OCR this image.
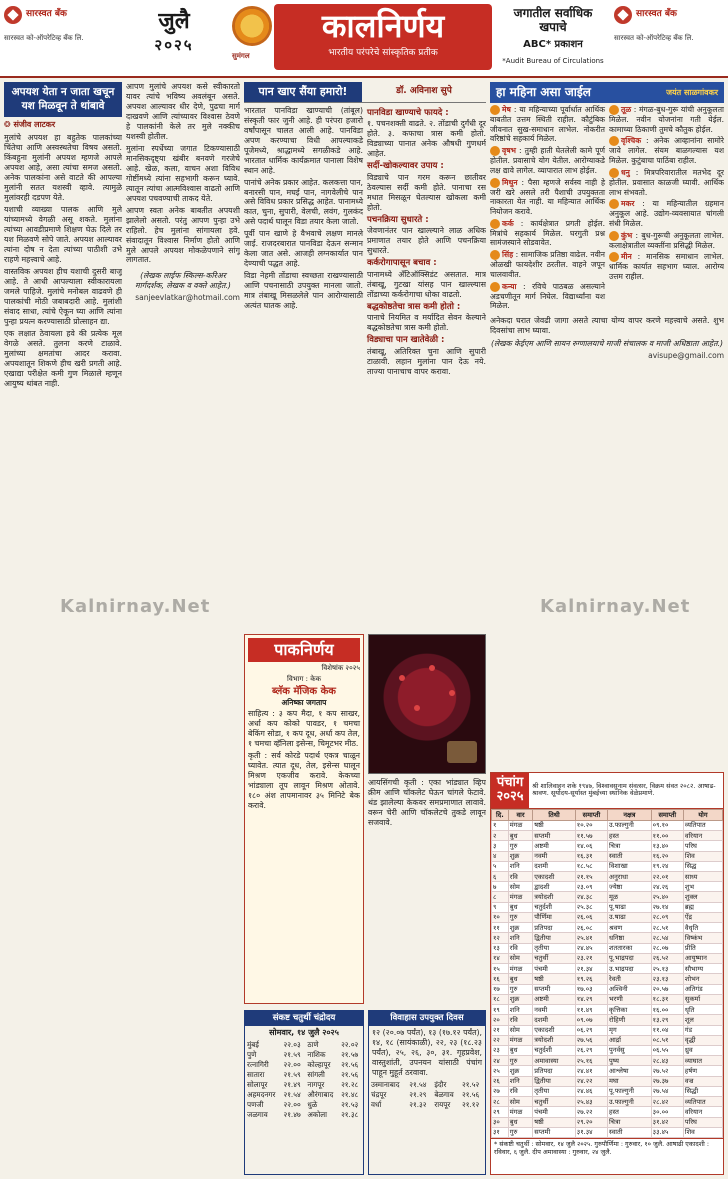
सारस्वत बँक
सारस्वत को-ऑपरेटिव्ह बँक लि.
जुलै
२०२५
सुमंगल
कालनिर्णय
भारतीय परंपरेचे सांस्कृतिक प्रतीक
जगातील सर्वाधिक खपाचे
ABC* प्रकाशन
*Audit Bureau of Circulations
सारस्वत बँक
सारस्वत को-ऑपरेटिव्ह बँक लि.
अपयश येता न जाता खचून यश मिळवून ते थांबावे
❂ संजीव लाटकर

मुलांचे अपयश हा बहुतेक पालकांच्या चिंतेचा आणि अस्वस्थतेचा विषय असतो. किंबहुना मुलांनी अपयश म्हणजे आपले अपयश आहे, असा त्यांचा समज असतो. अनेक पालकांना असे वाटते की आपल्या मुलांनी सतत यशस्वी व्हावे. त्यामुळे मुलांवरही दडपण येते.

यशाची व्याख्या पालक आणि मुले यांच्यामध्ये वेगळी असू शकते. मुलांना त्यांच्या आवडीप्रमाणे शिक्षण घेऊ दिले तर यश मिळवणे सोपे जाते. अपयश आल्यावर त्यांना दोष न देता त्यांच्या पाठीशी उभे राहणे महत्त्वाचे आहे.

वास्तविक अपयश हीच यशाची दुसरी बाजू आहे. ते आधी आपल्याला स्वीकारायला जमले पाहिजे. मुलांचे मनोबल वाढवणे ही पालकांची मोठी जबाबदारी आहे. मुलांशी संवाद साधा, त्यांचे ऐकून घ्या आणि त्यांना पुन्हा प्रयत्न करण्यासाठी प्रोत्साहन द्या.

एक लक्षात ठेवायला हवे की प्रत्येक मूल वेगळे असते. तुलना करणे टाळावे. मुलांच्या क्षमतांचा आदर करावा. अपयशातून शिकणे हीच खरी प्रगती आहे. एखाद्या परीक्षेत कमी गुण मिळाले म्हणून आयुष्य थांबत नाही.

आपण मुलांचे अपयश कसे स्वीकारतो यावर त्यांचे भविष्य अवलंबून असते. अपयश आल्यावर धीर देणे, पुढचा मार्ग दाखवणे आणि त्यांच्यावर विश्वास ठेवणे हे पालकांनी केले तर मुले नक्कीच यशस्वी होतील.

मुलांना स्पर्धेच्या जगात टिकण्यासाठी मानसिकदृष्ट्या खंबीर बनवणे गरजेचे आहे. खेळ, कला, वाचन अशा विविध गोष्टींमध्ये त्यांना सहभागी करून घ्यावे. त्यातून त्यांचा आत्मविश्वास वाढतो आणि अपयश पचवण्याची ताकद येते.

आपण स्वतः अनेक बाबतीत अपयशी झालेलो असतो. परंतु आपण पुन्हा उभे राहिलो. हेच मुलांना सांगायला हवे. संवादातून विश्वास निर्माण होतो आणि मुले आपले अपयश मोकळेपणाने सांगू लागतात.

(लेखक लाईफ स्किल्स-करिअर मार्गदर्शक, लेखक व वक्ते आहेत.)

sanjeevlatkar@hotmail.com

पान खाए सैंया हमारो!	डॉ. अविनाश सुपे

भारतात पानविडा खाण्याची (तांबूल) संस्कृती फार जुनी आहे. ही परंपरा हजारो वर्षांपासून चालत आली आहे. पानविडा अपण करण्याचा विधी आपल्याकडे पूजेमध्ये, श्राद्धामध्ये सगळीकडे आहे. भारतात धार्मिक कार्यक्रमात पानाला विशेष स्थान आहे.

पानांचे अनेक प्रकार आहेत. कलकत्ता पान, बनारसी पान, मघई पान, नागवेलीचे पान असे विविध प्रकार प्रसिद्ध आहेत. पानामध्ये कात, चुना, सुपारी, वेलची, लवंग, गुलकंद असे पदार्थ घालून विडा तयार केला जातो.

पूर्वी पान खाणे हे वैभवाचे लक्षण मानले जाई. राजदरबारात पानविडा देऊन सन्मान केला जात असे. आजही लग्नकार्यात पान देण्याची पद्धत आहे.

विडा नेहमी तोंडाचा स्वच्छता राखण्यासाठी आणि पचनासाठी उपयुक्त मानला जातो. मात्र तंबाखू मिसळलेले पान आरोग्यासाठी अत्यंत घातक आहे.

पानविडा खाण्याचे फायदे :

१. पचनशक्ती वाढते. २. तोंडाची दुर्गंधी दूर होते. ३. कफाचा त्रास कमी होतो. विड्याच्या पानात अनेक औषधी गुणधर्म आहेत.

सर्दी-खोकल्यावर उपाय :

विड्याचे पान गरम करून छातीवर ठेवल्यास सर्दी कमी होते. पानाचा रस मधात मिसळून घेतल्यास खोकला कमी होतो.

पचनक्रिया सुधारते :

जेवणानंतर पान खाल्ल्याने लाळ अधिक प्रमाणात तयार होते आणि पचनक्रिया सुधारते.

कर्करोगापासून बचाव :

पानामध्ये अँटिऑक्सिडंट असतात. मात्र तंबाखू, गुटखा यांसह पान खाल्ल्यास तोंडाच्या कर्करोगाचा धोका वाढतो.

बद्धकोष्ठतेचा त्रास कमी होतो :

पानाचे नियमित व मर्यादित सेवन केल्याने बद्धकोष्ठतेचा त्रास कमी होतो.

विड्याचा पान खातेवेळी :

तंबाखू, अतिरिक्त चुना आणि सुपारी टाळावी. लहान मुलांना पान देऊ नये. ताज्या पानाचाच वापर करावा.

पाकनिर्णय
विशेषांक २०२५
विभाग : केक
ब्लॅक मॅजिक केक
अनिष्का जगताप

साहित्य : ३ कप मैदा, १ कप साखर, अर्धा कप कोको पावडर, १ चमचा बेकिंग सोडा, १ कप दूध, अर्धा कप तेल, १ चमचा व्हॅनिला इसेन्स, चिमूटभर मीठ.

कृती : सर्व कोरडे पदार्थ एकत्र चाळून घ्यावेत. त्यात दूध, तेल, इसेन्स घालून मिश्रण एकजीव करावे. केकच्या भांड्याला तूप लावून मिश्रण ओतावे. १८० अंश तापमानावर ३५ मिनिटे बेक करावे.

आयसिंगची कृती : एका भांड्यात व्हिप क्रीम आणि चॉकलेट घेऊन चांगले फेटावे. थंड झालेल्या केकवर समप्रमाणात लावावे. वरून चेरी आणि चॉकलेटचे तुकडे लावून सजवावे.

संकष्ट चतुर्थी चंद्रोदय
सोमवार, १४ जुलै २०२५
मुंबई	२२.०३	ठाणे	२२.०२
पुणे	२१.५९	नाशिक	२१.५७
रत्नागिरी	२२.००	कोल्हापूर	२१.५६
सातारा	२१.५९	सांगली	२१.५६
सोलापूर	२१.४९	नागपूर	२१.२८
अहमदनगर	२१.५४	औरंगाबाद	२१.४८
पणजी	२२.००	धुळे	२१.५३
जळगाव	२१.४७	अकोला	२१.३८
विवाहास उपयुक्त दिवस

१२ (२०.०७ पर्यंत), १३ (१७.१२ पर्यंत), १४, १८ (सायंकाळी), २२, २३ (१८.२३ पर्यंत), २५, २६, ३०, ३१. गृहप्रवेश, वास्तुशांती, उपनयन यांसाठी पंचांग पाहून मुहूर्त ठरवावा.

उस्मानाबाद	२१.५४	इंदौर	२१.५२
चंद्रपूर	२१.२९	बेळगाव	२१.५६
वर्धा	२१.३२	रायपूर	२१.१२
हा महिना असा जाईल	जयंत साळगांवकर

मेष : या महिन्याच्या पूर्वार्धात आर्थिक बाबतीत उत्तम स्थिती राहील. कौटुंबिक जीवनात सुख-समाधान लाभेल. नोकरीत वरिष्ठांचे सहकार्य मिळेल.

वृषभ : तुम्ही हाती घेतलेली कामे पूर्ण होतील. प्रवासाचे योग येतील. आरोग्याकडे लक्ष द्यावे लागेल. व्यापारात लाभ होईल.

मिथुन : पैसा म्हणजे सर्वस्व नाही हे जरी खरे असले तरी पैशाची उपयुक्तता नाकारता येत नाही. या महिन्यात आर्थिक नियोजन करावे.

कर्क : कार्यक्षेत्रात प्रगती होईल. मित्रांचे सहकार्य मिळेल. घरगुती प्रश्न सामंजस्याने सोडवावेत.

सिंह : सामाजिक प्रतिष्ठा वाढेल. नवीन ओळखी फायदेशीर ठरतील. वाहने जपून चालवावीत.

कन्या : रविचे पाठबळ असल्याने अडचणीतून मार्ग निघेल. विद्यार्थ्यांना यश मिळेल.

तूळ : मंगळ-बुध-गुरू यांची अनुकूलता मिळेल. नवीन योजनांना गती येईल. कामाच्या ठिकाणी तुमचे कौतुक होईल.

वृश्चिक : अनेक आव्हानांना सामोरे जावे लागेल. संयम बाळगल्यास यश मिळेल. कुटुंबाचा पाठिंबा राहील.

धनु : मित्रपरिवारातील मतभेद दूर होतील. प्रवासात काळजी घ्यावी. आर्थिक लाभ संभवतो.

मकर : या महिन्यातील ग्रहमान अनुकूल आहे. उद्योग-व्यवसायात चांगली संधी मिळेल.

कुंभ : बुध-गुरूची अनुकूलता लाभेल. कलाक्षेत्रातील व्यक्तींना प्रसिद्धी मिळेल.

मीन : मानसिक समाधान लाभेल. धार्मिक कार्यात सहभाग घ्याल. आरोग्य उत्तम राहील.

अनेकदा घरात जेवढी जागा असते त्याचा योग्य वापर करणे महत्त्वाचे असते. शुभ दिवसांचा लाभ घ्यावा.

(लेखक केईएम आणि सायन रुग्णालयाचे माजी संचालक व माजी अधिष्ठाता आहेत.)

avisupe@gmail.com

पंचांग
२०२५
श्री शालिवाहन शके १९४७, विश्वावसुनाम संवत्सर, विक्रम संवत २०८२. आषाढ-श्रावण. सूर्योदय-सूर्यास्त मुंबईच्या स्थानिक वेळेप्रमाणे.
दि.	वार	तिथी	समाप्ती	नक्षत्र	समाप्ती	योग
१	मंगळ	षष्ठी	१०.२०	उ.फाल्गुनी	०९.१०	व्यतिपात
२	बुध	सप्तमी	११.५७	हस्त	११.००	वरियान
३	गुरु	अष्टमी	१४.०६	चित्रा	१३.४०	परिघ
४	शुक्र	नवमी	१६.३१	स्वाती	१६.२०	शिव
५	शनि	दशमी	१८.५८	विशाखा	१९.२४	सिद्ध
६	रवि	एकादशी	२१.१५	अनुराधा	२२.०१	साध्य
७	सोम	द्वादशी	२३.०९	ज्येष्ठा	२४.२६	शुभ
८	मंगळ	त्रयोदशी	२४.३८	मूळ	२५.४०	शुक्ल
९	बुध	चतुर्दशी	२५.३८	पू.षाढा	२७.१४	ब्रह्म
१०	गुरु	पौर्णिमा	२६.०६	उ.षाढा	२८.०९	ऐंद्र
११	शुक्र	प्रतिपदा	२६.०८	श्रवण	२८.५१	वैधृति
१२	शनि	द्वितीया	२५.४१	धनिष्ठा	२८.५४	विष्कंभ
१३	रवि	तृतीया	२४.४५	शततारका	२८.०७	प्रीति
१४	सोम	चतुर्थी	२३.२१	पू.भाद्रपदा	२६.५२	आयुष्मान
१५	मंगळ	पंचमी	२१.३४	उ.भाद्रपदा	२५.१३	सौभाग्य
१६	बुध	षष्ठी	१९.२६	रेवती	२३.१३	शोभन
१७	गुरु	सप्तमी	१७.०३	अश्विनी	२०.५७	अतिगंड
१८	शुक्र	अष्टमी	१४.२९	भरणी	१८.३१	सुकर्मा
१९	शनि	नवमी	११.४९	कृत्तिका	१६.००	धृति
२०	रवि	दशमी	०९.०७	रोहिणी	१३.२९	शूल
२१	सोम	एकादशी	०६.२९	मृग	११.०४	गंड
२२	मंगळ	त्रयोदशी	२७.५६	आर्द्रा	०८.५१	वृद्धी
२३	बुध	चतुर्दशी	२६.२९	पुनर्वसु	०६.५५	ध्रुव
२४	गुरु	अमावास्या	२५.१६	पुष्य	२८.४३	व्याघात
२५	शुक्र	प्रतिपदा	२४.४१	आश्लेषा	२७.५२	हर्षण
२६	शनि	द्वितीया	२४.२२	मघा	२७.३७	वज्र
२७	रवि	तृतीया	२४.४६	पू.फाल्गुनी	२७.५४	सिद्धी
२८	सोम	चतुर्थी	२५.४३	उ.फाल्गुनी	२८.४२	व्यतिपात
२९	मंगळ	पंचमी	२७.२२	हस्त	३०.००	वरियान
३०	बुध	षष्ठी	२९.२०	चित्रा	३१.४२	परिघ
३१	गुरु	सप्तमी	३१.३४	स्वाती	३३.४५	शिव
* संकष्टी चतुर्थी : सोमवार, १४ जुलै २०२५. गुरुपौर्णिमा : गुरुवार, १० जुलै. आषाढी एकादशी : रविवार, ६ जुलै. दीप अमावास्या : गुरुवार, २४ जुलै.
Kalnirnay.Net	Kalnirnay.Net
